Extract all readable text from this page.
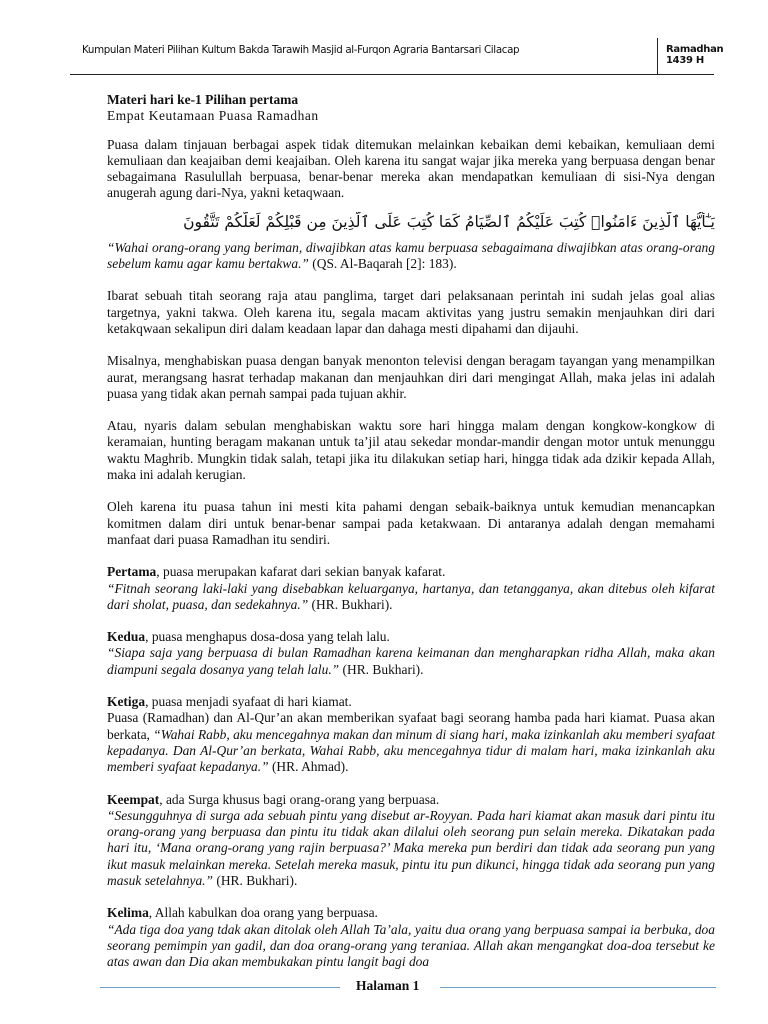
Kumpulan Materi Pilihan Kultum Bakda Tarawih Masjid al-Furqon Agraria Bantarsari Cilacap	Ramadhan 1439 H
Materi hari ke-1 Pilihan pertama
Empat Keutamaan Puasa Ramadhan

Puasa dalam tinjauan berbagai aspek tidak ditemukan melainkan kebaikan demi kebaikan, kemuliaan demi kemuliaan dan keajaiban demi keajaiban. Oleh karena itu sangat wajar jika mereka yang berpuasa dengan benar sebagaimana Rasulullah berpuasa, benar-benar mereka akan mendapatkan kemuliaan di sisi-Nya dengan anugerah agung dari-Nya, yakni ketaqwaan.

يَـٰٓأَيُّهَا ٱلَّذِينَ ءَامَنُوا۟ كُتِبَ عَلَيْكُمُ ٱلصِّيَامُ كَمَا كُتِبَ عَلَى ٱلَّذِينَ مِن قَبْلِكُمْ لَعَلَّكُمْ تَتَّقُونَ

“Wahai orang-orang yang beriman, diwajibkan atas kamu berpuasa sebagaimana diwajibkan atas orang-orang sebelum kamu agar kamu bertakwa.” (QS. Al-Baqarah [2]: 183).

Ibarat sebuah titah seorang raja atau panglima, target dari pelaksanaan perintah ini sudah jelas goal alias targetnya, yakni takwa. Oleh karena itu, segala macam aktivitas yang justru semakin menjauhkan diri dari ketakqwaan sekalipun diri dalam keadaan lapar dan dahaga mesti dipahami dan dijauhi.

Misalnya, menghabiskan puasa dengan banyak menonton televisi dengan beragam tayangan yang menampilkan aurat, merangsang hasrat terhadap makanan dan menjauhkan diri dari mengingat Allah, maka jelas ini adalah puasa yang tidak akan pernah sampai pada tujuan akhir.

Atau, nyaris dalam sebulan menghabiskan waktu sore hari hingga malam dengan kongkow-kongkow di keramaian, hunting beragam makanan untuk ta’jil atau sekedar mondar-mandir dengan motor untuk menunggu waktu Maghrib. Mungkin tidak salah, tetapi jika itu dilakukan setiap hari, hingga tidak ada dzikir kepada Allah, maka ini adalah kerugian.

Oleh karena itu puasa tahun ini mesti kita pahami dengan sebaik-baiknya untuk kemudian menancapkan komitmen dalam diri untuk benar-benar sampai pada ketakwaan. Di antaranya adalah dengan memahami manfaat dari puasa Ramadhan itu sendiri.

Pertama, puasa merupakan kafarat dari sekian banyak kafarat.
“Fitnah seorang laki-laki yang disebabkan keluarganya, hartanya, dan tetangganya, akan ditebus oleh kifarat dari sholat, puasa, dan sedekahnya.” (HR. Bukhari).

Kedua, puasa menghapus dosa-dosa yang telah lalu.
“Siapa saja yang berpuasa di bulan Ramadhan karena keimanan dan mengharapkan ridha Allah, maka akan diampuni segala dosanya yang telah lalu.” (HR. Bukhari).

Ketiga, puasa menjadi syafaat di hari kiamat.
Puasa (Ramadhan) dan Al-Qur’an akan memberikan syafaat bagi seorang hamba pada hari kiamat. Puasa akan berkata, “Wahai Rabb, aku mencegahnya makan dan minum di siang hari, maka izinkanlah aku memberi syafaat kepadanya. Dan Al-Qur’an berkata, Wahai Rabb, aku mencegahnya tidur di malam hari, maka izinkanlah aku memberi syafaat kepadanya.” (HR. Ahmad).

Keempat, ada Surga khusus bagi orang-orang yang berpuasa.
“Sesungguhnya di surga ada sebuah pintu yang disebut ar-Royyan. Pada hari kiamat akan masuk dari pintu itu orang-orang yang berpuasa dan pintu itu tidak akan dilalui oleh seorang pun selain mereka. Dikatakan pada hari itu, ‘Mana orang-orang yang rajin berpuasa?’ Maka mereka pun berdiri dan tidak ada seorang pun yang ikut masuk melainkan mereka. Setelah mereka masuk, pintu itu pun dikunci, hingga tidak ada seorang pun yang masuk setelahnya.” (HR. Bukhari).

Kelima, Allah kabulkan doa orang yang berpuasa.
“Ada tiga doa yang tdak akan ditolak oleh Allah Ta’ala, yaitu dua orang yang berpuasa sampai ia berbuka, doa seorang pemimpin yan gadil, dan doa orang-orang yang teraniaa. Allah akan mengangkat doa-doa tersebut ke atas awan dan Dia akan membukakan pintu langit bagi doa

Halaman 1
